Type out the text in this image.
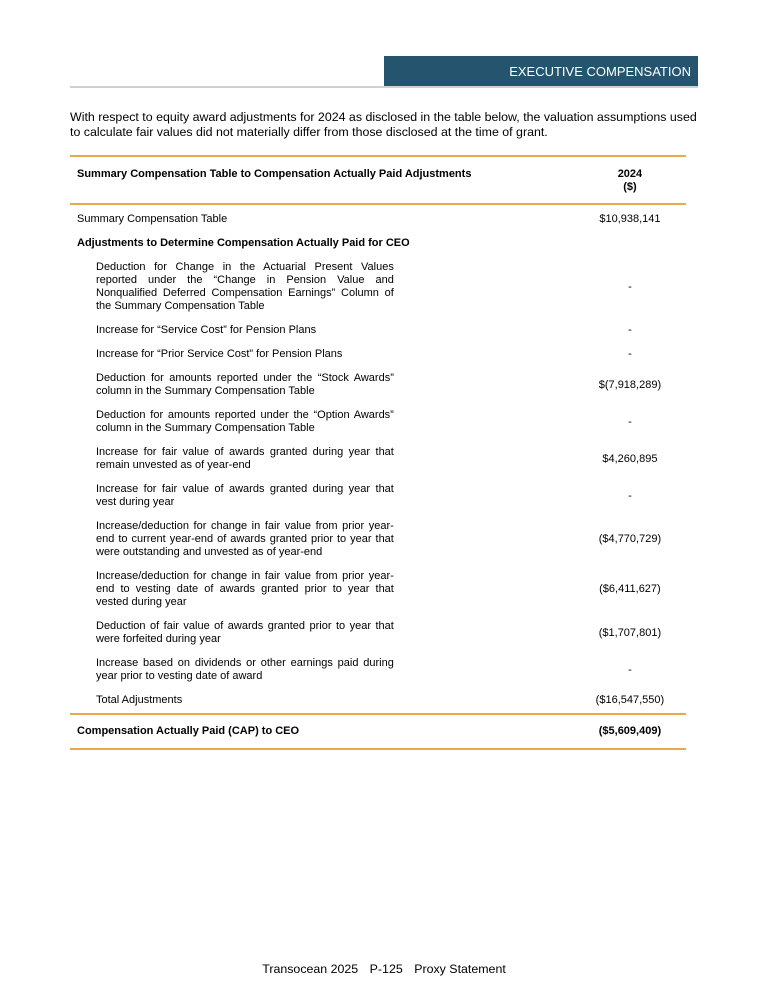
EXECUTIVE COMPENSATION

With respect to equity award adjustments for 2024 as disclosed in the table below, the valuation assumptions used to calculate fair values did not materially differ from those disclosed at the time of grant.

Summary Compensation Table to Compensation Actually Paid Adjustments	2024
($)
Summary Compensation Table	$10,938,141
Adjustments to Determine Compensation Actually Paid for CEO	
Deduction for Change in the Actuarial Present Values reported under the “Change in Pension Value and Nonqualified Deferred Compensation Earnings” Column of the Summary Compensation Table	-
Increase for “Service Cost” for Pension Plans	-
Increase for “Prior Service Cost” for Pension Plans	-
Deduction for amounts reported under the “Stock Awards” column in the Summary Compensation Table	$(7,918,289)
Deduction for amounts reported under the “Option Awards” column in the Summary Compensation Table	-
Increase for fair value of awards granted during year that remain unvested as of year-end	$4,260,895
Increase for fair value of awards granted during year that vest during year	-
Increase/deduction for change in fair value from prior year-end to current year-end of awards granted prior to year that were outstanding and unvested as of year-end	($4,770,729)
Increase/deduction for change in fair value from prior year-end to vesting date of awards granted prior to year that vested during year	($6,411,627)
Deduction of fair value of awards granted prior to year that were forfeited during year	($1,707,801)
Increase based on dividends or other earnings paid during year prior to vesting date of award	-
Total Adjustments	($16,547,550)
Compensation Actually Paid (CAP) to CEO	($5,609,409)
Transocean 2025 P-125 Proxy Statement
